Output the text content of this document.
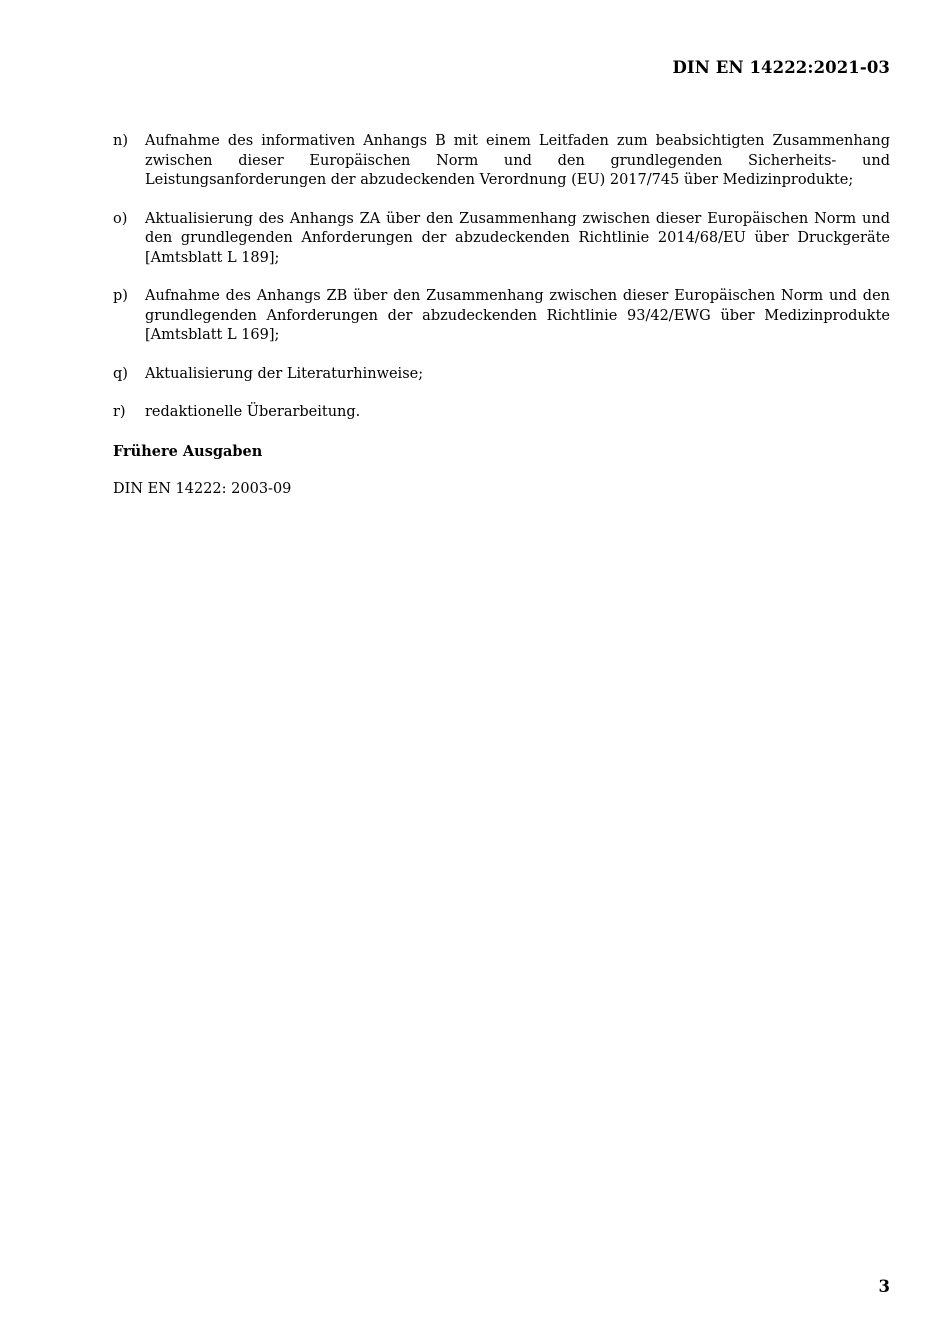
DIN EN 14222:2021-03
n)	Aufnahme des informativen Anhangs B mit einem Leitfaden zum beabsichtigten Zusammenhang zwischen dieser Europäischen Norm und den grundlegenden Sicherheits- und Leistungsanforderungen der abzudeckenden Verordnung (EU) 2017/745 über Medizinprodukte;
o)	Aktualisierung des Anhangs ZA über den Zusammenhang zwischen dieser Europäischen Norm und den grundlegenden Anforderungen der abzudeckenden Richtlinie 2014/68/EU über Druckgeräte [Amtsblatt L 189];
p)	Aufnahme des Anhangs ZB über den Zusammenhang zwischen dieser Europäischen Norm und den grundlegenden Anforderungen der abzudeckenden Richtlinie 93/42/EWG über Medizinprodukte [Amtsblatt L 169];
q)	Aktualisierung der Literaturhinweise;
r)	redaktionelle Überarbeitung.
Frühere Ausgaben

DIN EN 14222: 2003-09

3
